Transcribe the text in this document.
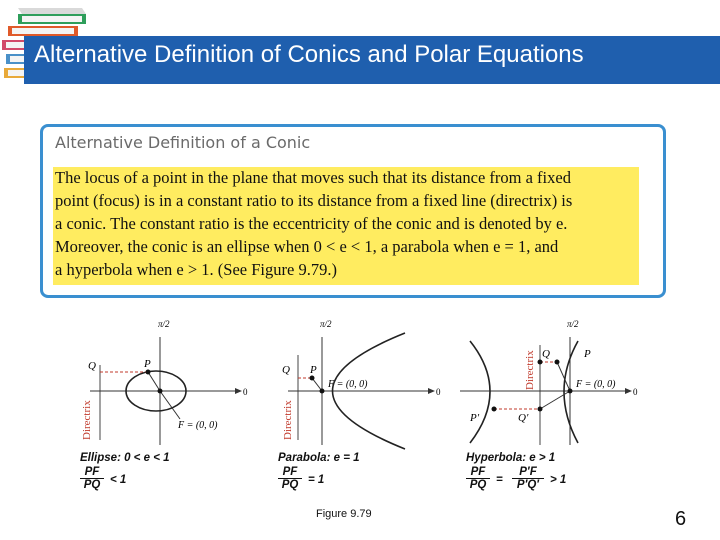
Alternative Definition of Conics and Polar Equations
Alternative Definition of a Conic
The locus of a point in the plane that moves such that its distance from a fixed
point (focus) is in a constant ratio to its distance from a fixed line (directrix) is
a conic. The constant ratio is the eccentricity of the conic and is denoted by e.
Moreover, the conic is an ellipse when 0 < e < 1, a parabola when e = 1, and
a hyperbola when e > 1. (See Figure 9.79.)
π/2
0
Directrix
Q	P
F = (0, 0)
π/2
0
Directrix
Q P
F = (0, 0)
π/2
0
Directrix Q	P
P′	Q′
F = (0, 0)
Ellipse: 0 < e < 1
$\frac{PF}{PQ} < 1$
Parabola: e = 1
$\frac{PF}{PQ} = 1$
Hyperbola: e > 1
$\frac{PF}{PQ} = \frac{P'F}{P'Q'} > 1$
Figure 9.79	6
